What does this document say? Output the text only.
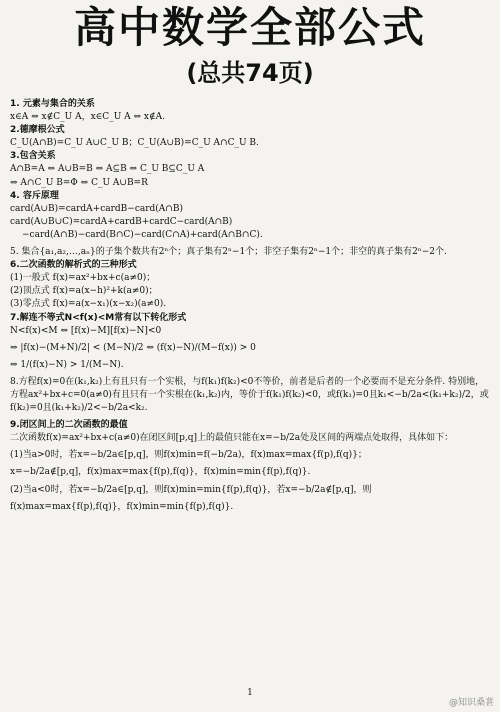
高中数学全部公式
(总共74页)
1. 元素与集合的关系
x∈A ⇔ x∉C_U A，x∈C_U A ⇔ x∉A.
2.德摩根公式
C_U(A∩B)=C_U A∪C_U B；C_U(A∪B)=C_U A∩C_U B.
3.包含关系
A∩B=A ⇔ A∪B=B ⇔ A⊆B ⇔ C_U B⊆C_U A
⇔ A∩C_U B=Φ ⇔ C_U A∪B=R
4. 容斥原理
card(A∪B)=cardA+cardB−card(A∩B)
card(A∪B∪C)=cardA+cardB+cardC−card(A∩B)
−card(A∩B)−card(B∩C)−card(C∩A)+card(A∩B∩C).
5. 集合{a₁,a₂,…,aₙ}的子集个数共有2ⁿ个；真子集有2ⁿ−1个；非空子集有2ⁿ−1个；非空的真子集有2ⁿ−2个.
6.二次函数的解析式的三种形式
(1)一般式 f(x)=ax²+bx+c(a≠0)；
(2)顶点式 f(x)=a(x−h)²+k(a≠0)；
(3)零点式 f(x)=a(x−x₁)(x−x₂)(a≠0).
7.解连不等式N<f(x)<M常有以下转化形式
N<f(x)<M ⇔ [f(x)−M][f(x)−N]<0
⇔ |f(x)−(M+N)/2| < (M−N)/2 ⇔ (f(x)−N)/(M−f(x)) > 0
⇔ 1/(f(x)−N) > 1/(M−N).
8.方程f(x)=0在(k₁,k₂)上有且只有一个实根，与f(k₁)f(k₂)<0不等价，前者是后者的一个必要而不是充分条件. 特别地，方程ax²+bx+c=0(a≠0)有且只有一个实根在(k₁,k₂)内，等价于f(k₁)f(k₂)<0，或f(k₁)=0且k₁<−b/2a<(k₁+k₂)/2，或f(k₂)=0且(k₁+k₂)/2<−b/2a<k₂.
9.闭区间上的二次函数的最值
二次函数f(x)=ax²+bx+c(a≠0)在闭区间[p,q]上的最值只能在x=−b/2a处及区间的两端点处取得，具体如下：
(1)当a>0时，若x=−b/2a∈[p,q]，则f(x)min=f(−b/2a)，f(x)max=max{f(p),f(q)}；
x=−b/2a∉[p,q]，f(x)max=max{f(p),f(q)}，f(x)min=min{f(p),f(q)}.
(2)当a<0时，若x=−b/2a∈[p,q]，则f(x)min=min{f(p),f(q)}，若x=−b/2a∉[p,q]，则
f(x)max=max{f(p),f(q)}，f(x)min=min{f(p),f(q)}.
1
@知识桑葚
